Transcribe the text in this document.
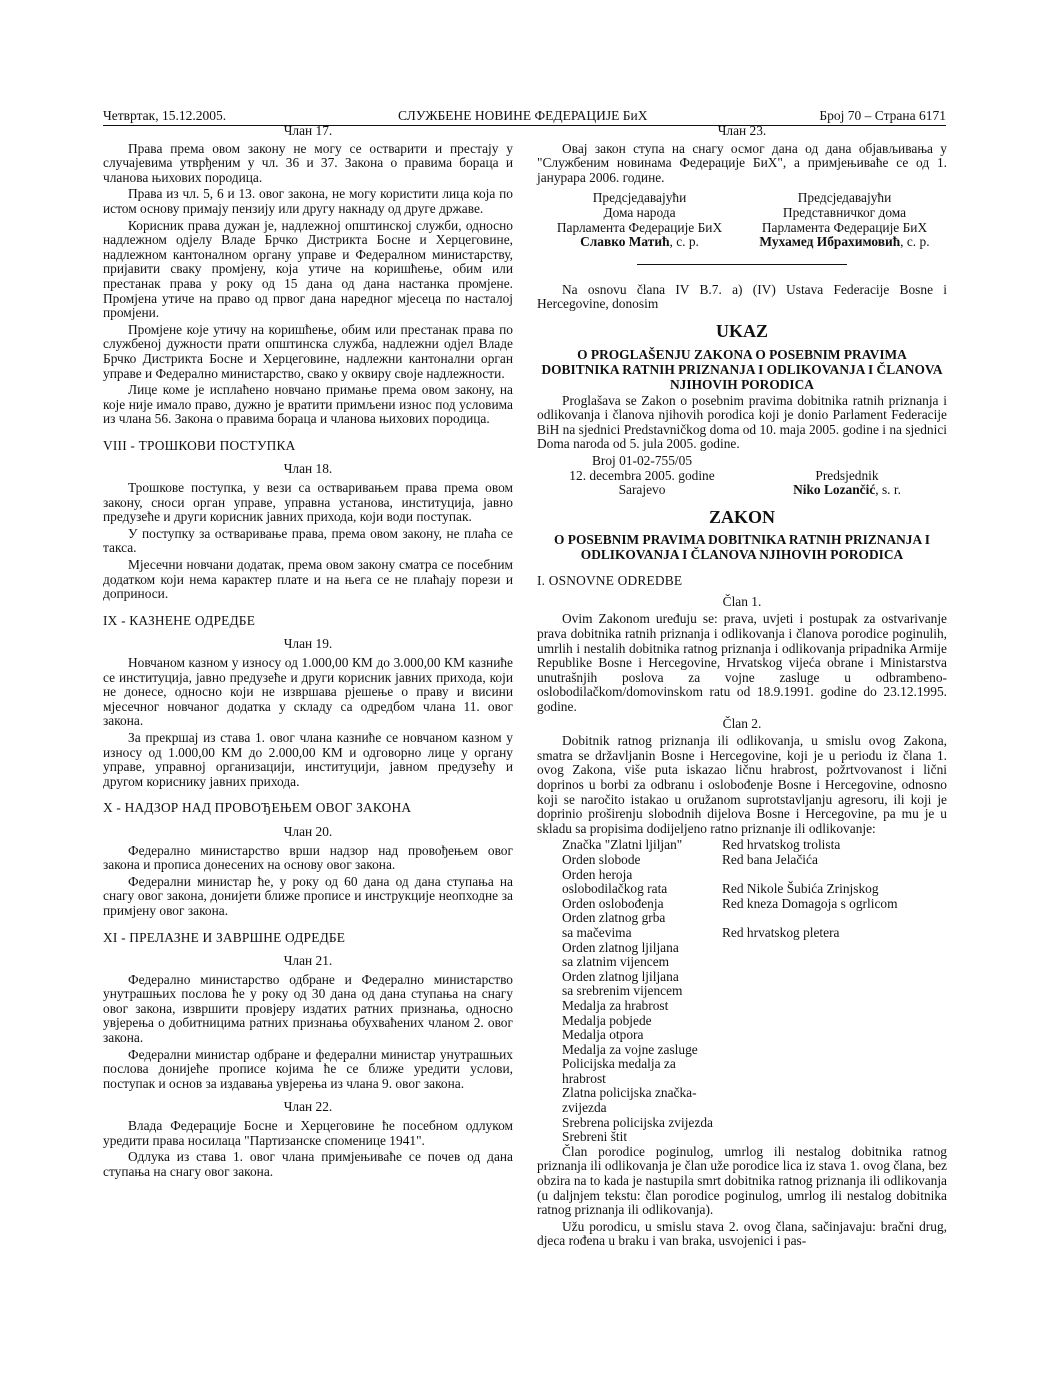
Четвртак, 15.12.2005.	СЛУЖБЕНЕ НОВИНЕ ФЕДЕРАЦИЈЕ БиХ	Број 70 – Страна 6171
Члан 17.

Права према овом закону не могу се остварити и престају у случајевима утврђеним у чл. 36 и 37. Закона о правима бораца и чланова њихових породица.

Права из чл. 5, 6 и 13. овог закона, не могу користити лица која по истом основу примају пензију или другу накнаду од друге државе.

Корисник права дужан је, надлежној општинској служби, односно надлежном одјелу Владе Брчко Дистрикта Босне и Херцеговине, надлежном кантоналном органу управе и Федералном министарству, пријавити сваку промјену, која утиче на коришћење, обим или престанак права у року од 15 дана од дана настанка промјене. Промјена утиче на право од првог дана наредног мјесеца по насталој промјени.

Промјене које утичу на коришћење, обим или престанак права по службеној дужности прати општинска служба, надлежни одјел Владе Брчко Дистрикта Босне и Херцеговине, надлежни кантонални орган управе и Федерално министарство, свако у оквиру своје надлежности.

Лице коме је исплаћено новчано примање према овом закону, на које није имало право, дужно је вратити примљени износ под условима из члана 56. Закона о правима бораца и чланова њихових породица.

VIII - ТРОШКОВИ ПОСТУПКА
Члан 18.

Трошкове поступка, у вези са остваривањем права према овом закону, сноси орган управе, управна установа, институција, јавно предузеће и други корисник јавних прихода, који води поступак.

У поступку за остваривање права, према овом закону, не плаћа се такса.

Мјесечни новчани додатак, према овом закону сматра се посебним додатком који нема карактер плате и на њега се не плаћају порези и доприноси.

IX - КАЗНЕНЕ ОДРЕДБЕ
Члан 19.

Новчаном казном у износу од 1.000,00 КМ до 3.000,00 КМ казниће се институција, јавно предузеће и други корисник јавних прихода, који не донесе, односно који не извршава рјешење о праву и висини мјесечног новчаног додатка у складу са одредбом члана 11. овог закона.

За прекршај из става 1. овог члана казниће се новчаном казном у износу од 1.000,00 КМ до 2.000,00 КМ и одговорно лице у органу управе, управној организацији, институцији, јавном предузећу и другом кориснику јавних прихода.

X - НАДЗОР НАД ПРОВОЂЕЊЕМ ОВОГ ЗАКОНА
Члан 20.

Федерално министарство врши надзор над провођењем овог закона и прописа донесених на основу овог закона.

Федерални министар ће, у року од 60 дана од дана ступања на снагу овог закона, донијети ближе прописе и инструкције неопходне за примјену овог закона.

XI - ПРЕЛАЗНЕ И ЗАВРШНЕ ОДРЕДБЕ
Члан 21.

Федерално министарство одбране и Федерално министарство унутрашњих послова ће у року од 30 дана од дана ступања на снагу овог закона, извршити провјеру издатих ратних признања, односно увјерења о добитницима ратних признања обухваћених чланом 2. овог закона.

Федерални министар одбране и федерални министар унутрашњих послова донијеће прописе којима ће се ближе уредити услови, поступак и основ за издавања увјерења из члана 9. овог закона.

Члан 22.

Влада Федерације Босне и Херцеговине ће посебном одлуком уредити права носилаца "Партизанске споменице 1941".

Одлука из става 1. овог члана примјењиваће се почев од дана ступања на снагу овог закона.

Члан 23.

Овај закон ступа на снагу осмог дана од дана објављивања у "Службеним новинама Федерације БиХ", а примјењиваће се од 1. јанурара 2006. године.

Предсједавајући
Дома народа
Парламента Федерације БиХ
Славко Матић, с. р.
Предсједавајући
Представничког дома
Парламента Федерације БиХ
Мухамед Ибрахимовић, с. р.

Na osnovu člana IV B.7. a) (IV) Ustava Federacije Bosne i Hercegovine, donosim

UKAZ
O PROGLAŠENJU ZAKONA O POSEBNIM PRAVIMA DOBITNIKA RATNIH PRIZNANJA I ODLIKOVANJA I ČLANOVA NJIHOVIH PORODICA

Proglašava se Zakon o posebnim pravima dobitnika ratnih priznanja i odlikovanja i članova njihovih porodica koji je donio Parlament Federacije BiH na sjednici Predstavničkog doma od 10. maja 2005. godine i na sjednici Doma naroda od 5. jula 2005. godine.

Broj 01-02-755/05
12. decembra 2005. godine
Sarajevo

Predsjednik
Niko Lozančić, s. r.
ZAKON
O POSEBNIM PRAVIMA DOBITNIKA RATNIH PRIZNANJA I ODLIKOVANJA I ČLANOVA NJIHOVIH PORODICA
I. OSNOVNE ODREDBE
Član 1.

Ovim Zakonom uređuju se: prava, uvjeti i postupak za ostvarivanje prava dobitnika ratnih priznanja i odlikovanja i članova porodice poginulih, umrlih i nestalih dobitnika ratnog priznanja i odlikovanja pripadnika Armije Republike Bosne i Hercegovine, Hrvatskog vijeća obrane i Ministarstva unutrašnjih poslova za vojne zasluge u odbrambeno-oslobodilačkom/domovinskom ratu od 18.9.1991. godine do 23.12.1995. godine.

Član 2.

Dobitnik ratnog priznanja ili odlikovanja, u smislu ovog Zakona, smatra se državljanin Bosne i Hercegovine, koji je u periodu iz člana 1. ovog Zakona, više puta iskazao ličnu hrabrost, požrtvovanost i lični doprinos u borbi za odbranu i oslobođenje Bosne i Hercegovine, odnosno koji se naročito istakao u oružanom suprotstavljanju agresoru, ili koji je doprinio proširenju slobodnih dijelova Bosne i Hercegovine, pa mu je u skladu sa propisima dodijeljeno ratno priznanje ili odlikovanje:

Značka "Zlatni ljiljan"	Red hrvatskog trolista
Orden slobode	Red bana Jelačića
Orden heroja
oslobodilačkog rata	Red Nikole Šubića Zrinjskog
Orden oslobođenja	Red kneza Domagoja s ogrlicom
Orden zlatnog grba
sa mačevima	Red hrvatskog pletera
Orden zlatnog ljiljana
sa zlatnim vijencem
Orden zlatnog ljiljana
sa srebrenim vijencem
Medalja za hrabrost
Medalja pobjede
Medalja otpora
Medalja za vojne zasluge
Policijska medalja za hrabrost
Zlatna policijska značka-zvijezda
Srebrena policijska zvijezda
Srebreni štit

Član porodice poginulog, umrlog ili nestalog dobitnika ratnog priznanja ili odlikovanja je član uže porodice lica iz stava 1. ovog člana, bez obzira na to kada je nastupila smrt dobitnika ratnog priznanja ili odlikovanja (u daljnjem tekstu: član porodice poginulog, umrlog ili nestalog dobitnika ratnog priznanja ili odlikovanja).

Užu porodicu, u smislu stava 2. ovog člana, sačinjavaju: bračni drug, djeca rođena u braku i van braka, usvojenici i pas-
